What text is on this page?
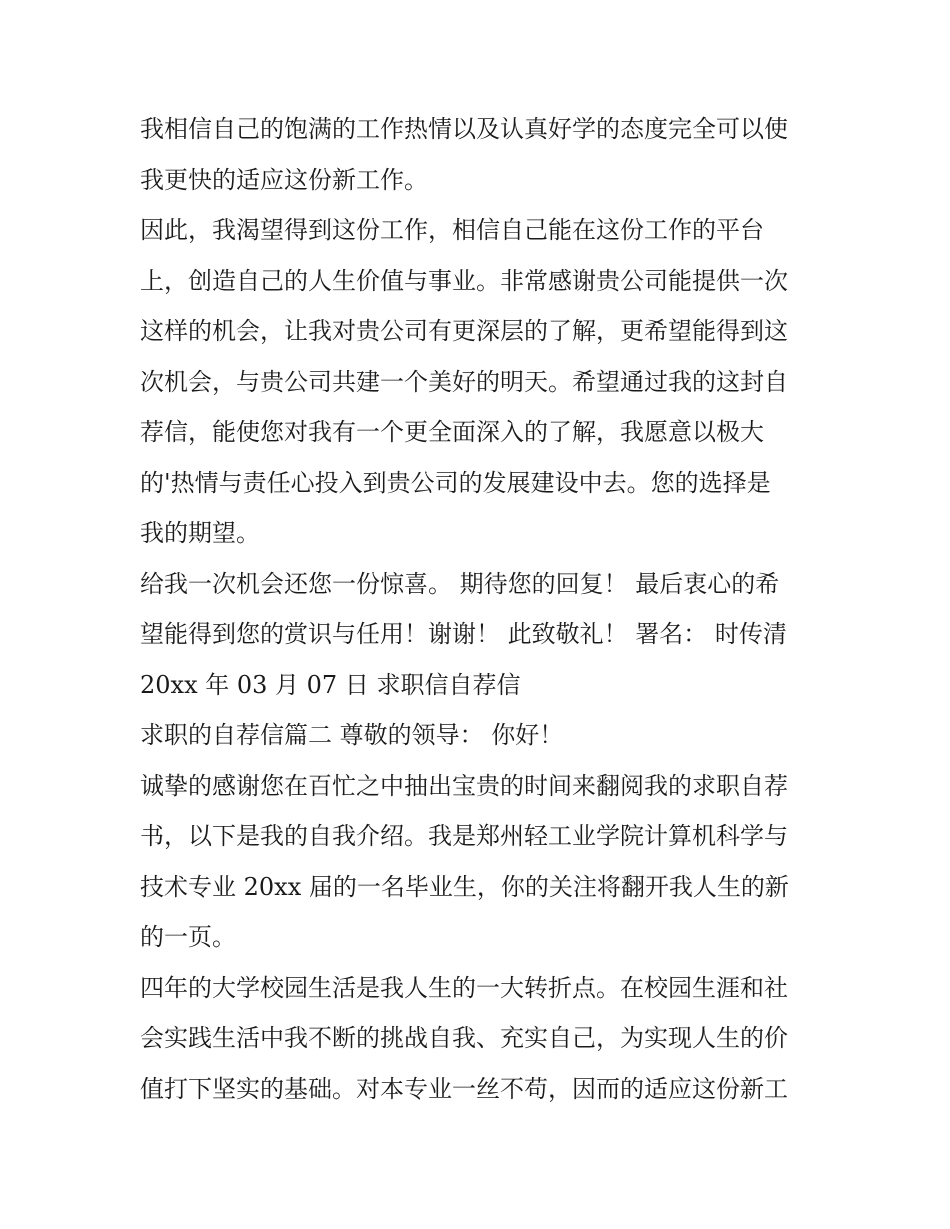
我相信自己的饱满的工作热情以及认真好学的态度完全可以使
我更快的适应这份新工作。
因此，我渴望得到这份工作，相信自己能在这份工作的平台
上，创造自己的人生价值与事业。非常感谢贵公司能提供一次
这样的机会，让我对贵公司有更深层的了解，更希望能得到这
次机会，与贵公司共建一个美好的明天。希望通过我的这封自
荐信，能使您对我有一个更全面深入的了解，我愿意以极大
的'热情与责任心投入到贵公司的发展建设中去。您的选择是
我的期望。
给我一次机会还您一份惊喜。 期待您的回复！ 最后衷心的希
望能得到您的赏识与任用！谢谢！ 此致敬礼！ 署名： 时传清
20xx 年 03 月 07 日 求职信自荐信
求职的自荐信篇二 尊敬的领导： 你好！
诚挚的感谢您在百忙之中抽出宝贵的时间来翻阅我的求职自荐
书，以下是我的自我介绍。我是郑州轻工业学院计算机科学与
技术专业 20xx 届的一名毕业生，你的关注将翻开我人生的新
的一页。
四年的大学校园生活是我人生的一大转折点。在校园生涯和社
会实践生活中我不断的挑战自我、充实自己，为实现人生的价
值打下坚实的基础。对本专业一丝不苟，因而的适应这份新工
